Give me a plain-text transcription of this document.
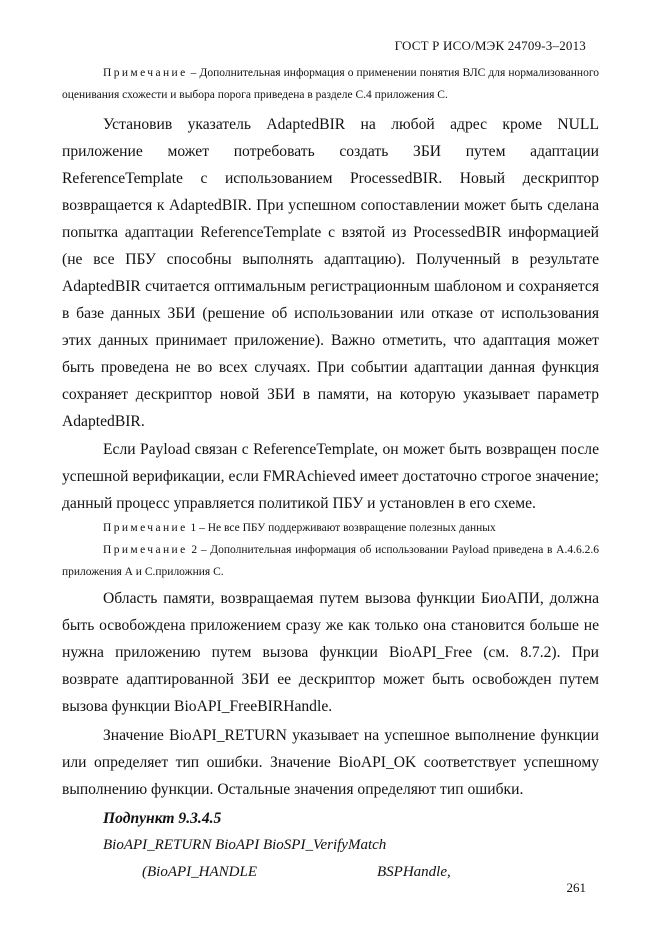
ГОСТ Р ИСО/МЭК 24709-3–2013

Примечание – Дополнительная информация о применении понятия ВЛС для нормализованного оценивания схожести и выбора порога приведена в разделе С.4 приложения С.

Установив указатель AdaptedBIR на любой адрес кроме NULL приложение может потребовать создать ЗБИ путем адаптации ReferenceTemplate с использованием ProcessedBIR. Новый дескриптор возвращается к AdaptedBIR. При успешном сопоставлении может быть сделана попытка адаптации ReferenceTemplate с взятой из ProcessedBIR информацией (не все ПБУ способны выполнять адаптацию). Полученный в результате AdaptedBIR считается оптимальным регистрационным шаблоном и сохраняется в базе данных ЗБИ (решение об использовании или отказе от использования этих данных принимает приложение). Важно отметить, что адаптация может быть проведена не во всех случаях. При событии адаптации данная функция сохраняет дескриптор новой ЗБИ в памяти, на которую указывает параметр AdaptedBIR.

Если Payload связан с ReferenceTemplate, он может быть возвращен после успешной верификации, если FMRAchieved имеет достаточно строгое значение; данный процесс управляется политикой ПБУ и установлен в его схеме.

Примечание 1 – Не все ПБУ поддерживают возвращение полезных данных

Примечание 2 – Дополнительная информация об использовании Payload приведена в А.4.6.2.6 приложения А и С.приложния С.

Область памяти, возвращаемая путем вызова функции БиоАПИ, должна быть освобождена приложением сразу же как только она становится больше не нужна приложению путем вызова функции BioAPI_Free (см. 8.7.2). При возврате адаптированной ЗБИ ее дескриптор может быть освобожден путем вызова функции BioAPI_FreeBIRHandle.

Значение BioAPI_RETURN указывает на успешное выполнение функции или определяет тип ошибки. Значение BioAPI_OK соответствует успешному выполнению функции. Остальные значения определяют тип ошибки.

Подпункт 9.3.4.5

BioAPI_RETURN BioAPI BioSPI_VerifyMatch

(BioAPI_HANDLE	BSPHandle,
261
